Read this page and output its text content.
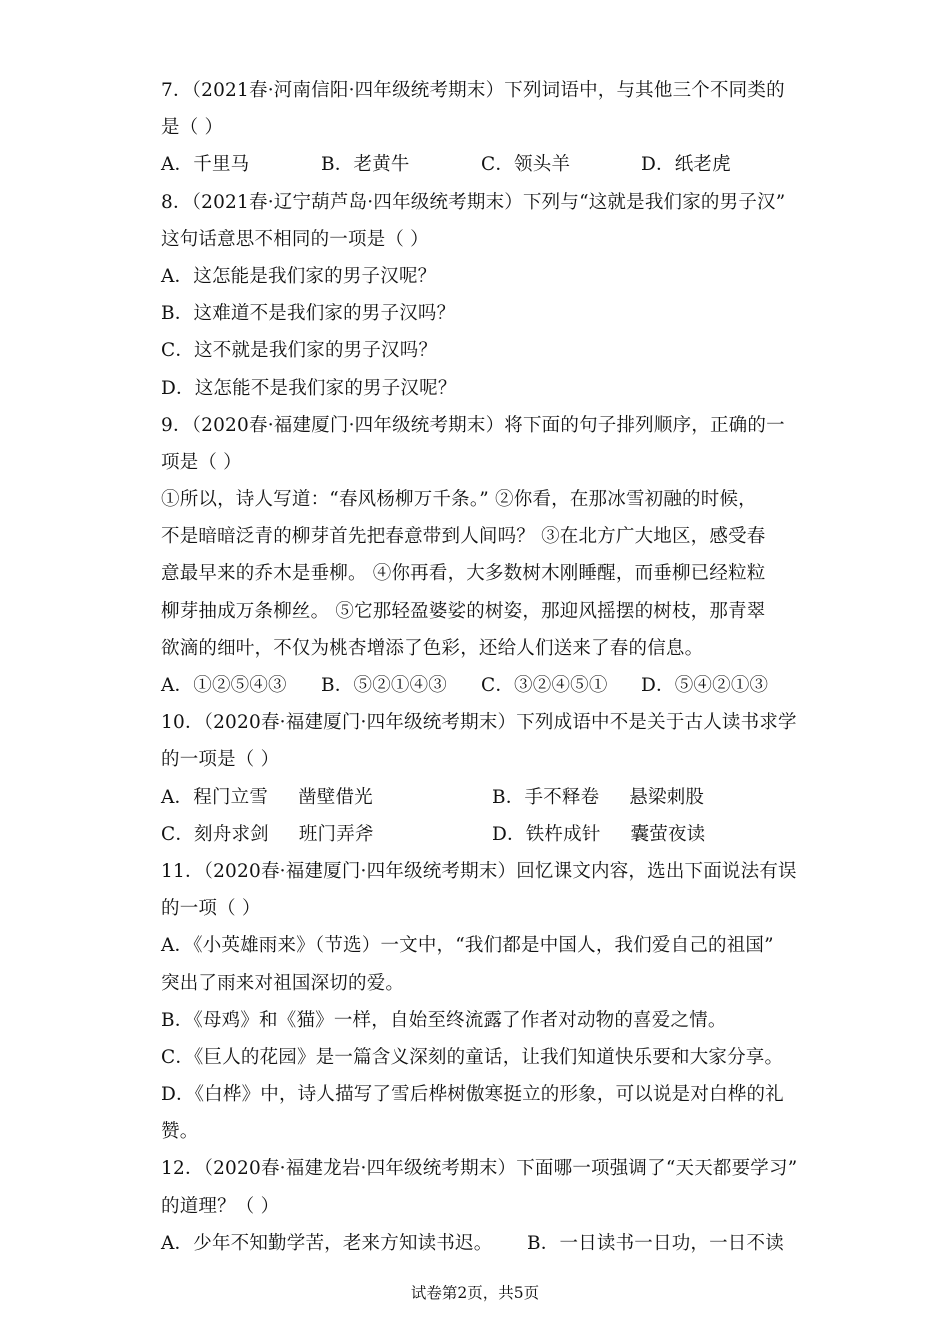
7．（2021春·河南信阳·四年级统考期末）下列词语中，与其他三个不同类的
是（ ）
A．千里马	B．老黄牛	C．领头羊	D．纸老虎
8．（2021春·辽宁葫芦岛·四年级统考期末）下列与“这就是我们家的男子汉”
这句话意思不相同的一项是（ ）
A．这怎能是我们家的男子汉呢？
B．这难道不是我们家的男子汉吗？
C．这不就是我们家的男子汉吗？
D．这怎能不是我们家的男子汉呢？
9．（2020春·福建厦门·四年级统考期末）将下面的句子排列顺序，正确的一
项是（ ）
①所以，诗人写道：“春风杨柳万千条。” ②你看，在那冰雪初融的时候，
不是暗暗泛青的柳芽首先把春意带到人间吗？ ③在北方广大地区，感受春
意最早来的乔木是垂柳。 ④你再看，大多数树木刚睡醒，而垂柳已经粒粒
柳芽抽成万条柳丝。 ⑤它那轻盈婆娑的树姿，那迎风摇摆的树枝，那青翠
欲滴的细叶，不仅为桃杏增添了色彩，还给人们送来了春的信息。
A．①②⑤④③	B．⑤②①④③	C．③②④⑤①	D．⑤④②①③
10．（2020春·福建厦门·四年级统考期末）下列成语中不是关于古人读书求学
的一项是（ ）
A．程门立雪 凿壁借光	B．手不释卷 悬梁刺股
C．刻舟求剑 班门弄斧	D．铁杵成针 囊萤夜读
11．（2020春·福建厦门·四年级统考期末）回忆课文内容，选出下面说法有误
的一项（ ）
A．《小英雄雨来》（节选）一文中，“我们都是中国人，我们爱自己的祖国”
突出了雨来对祖国深切的爱。
B．《母鸡》和《猫》一样，自始至终流露了作者对动物的喜爱之情。
C．《巨人的花园》是一篇含义深刻的童话，让我们知道快乐要和大家分享。
D．《白桦》中，诗人描写了雪后桦树傲寒挺立的形象，可以说是对白桦的礼
赞。
12．（2020春·福建龙岩·四年级统考期末）下面哪一项强调了“天天都要学习”
的道理？（ ）
A．少年不知勤学苦，老来方知读书迟。	B．一日读书一日功，一日不读
试卷第2页，共5页
